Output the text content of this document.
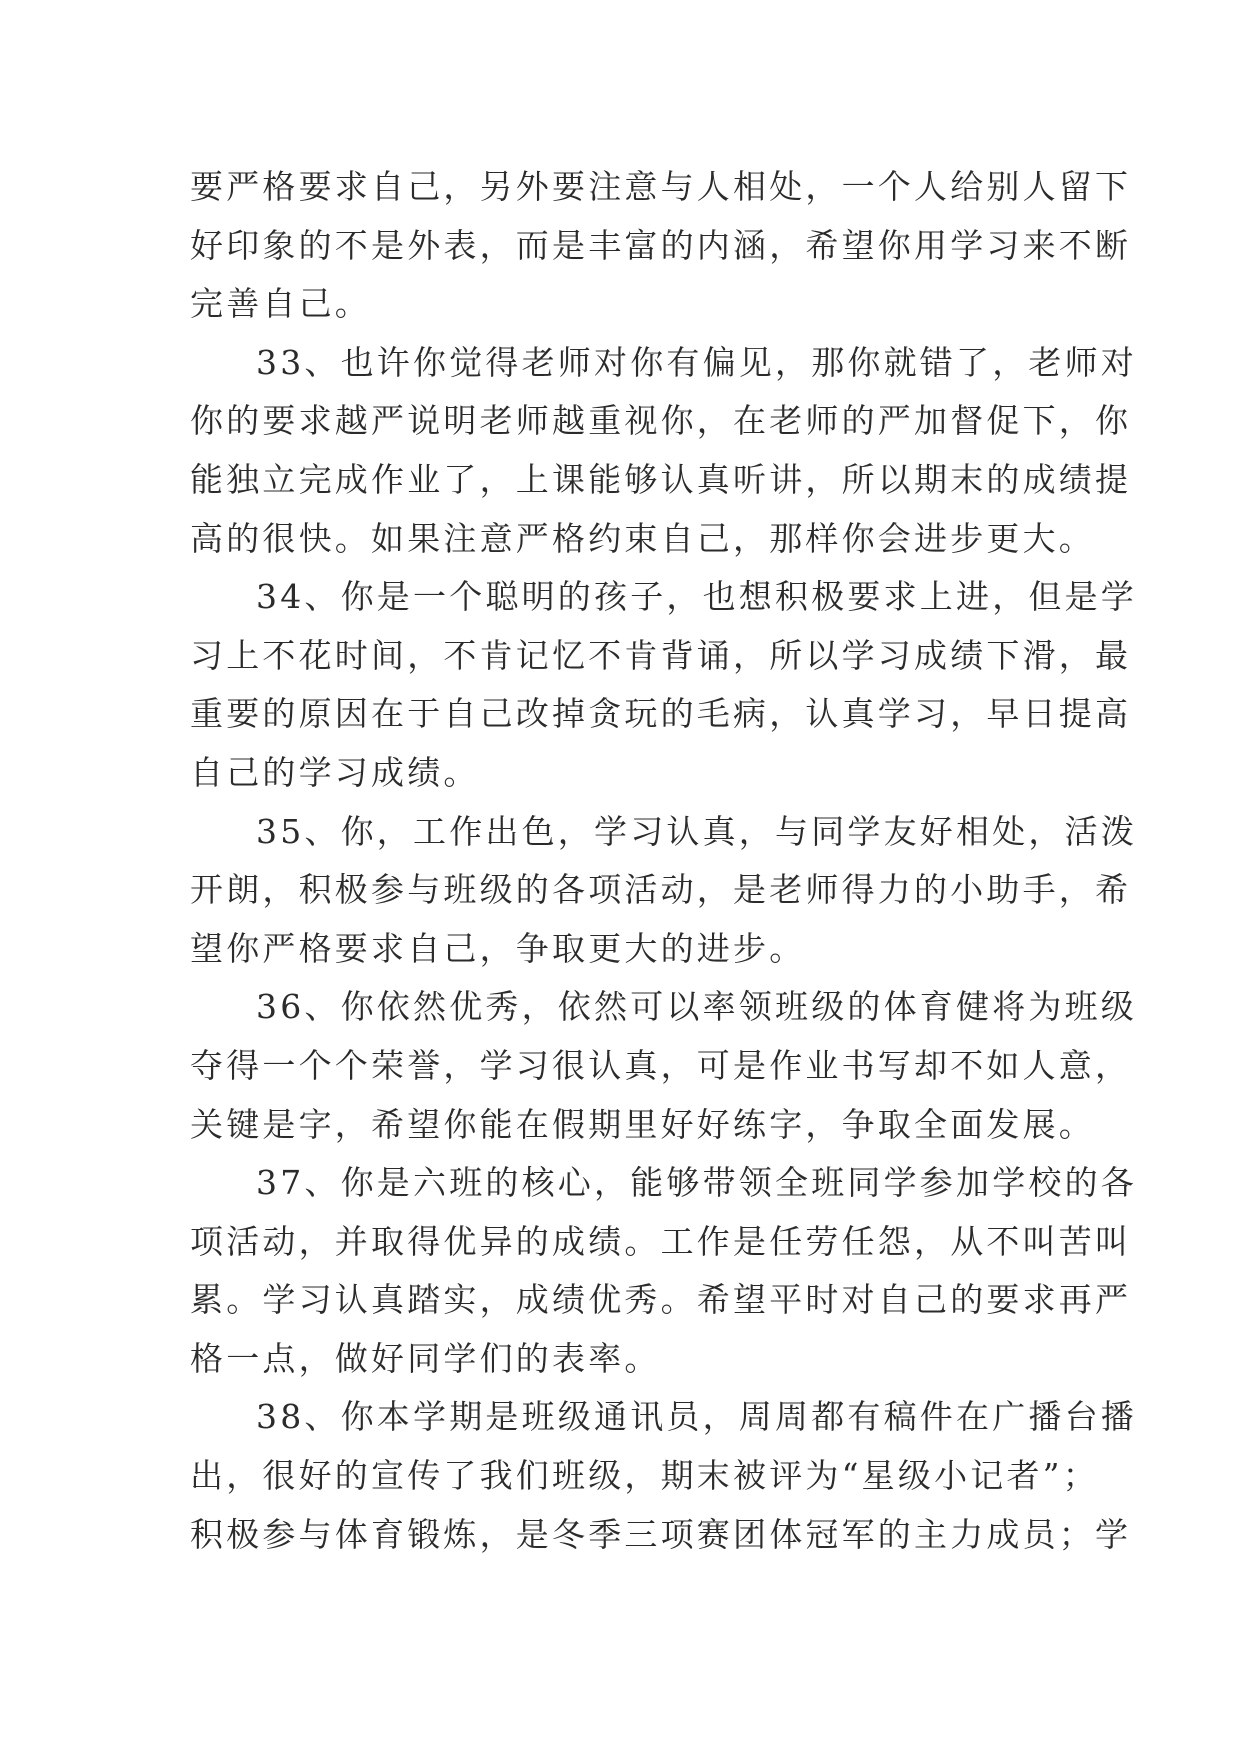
要严格要求自己，另外要注意与人相处，一个人给别人留下
好印象的不是外表，而是丰富的内涵，希望你用学习来不断
完善自己。

33、也许你觉得老师对你有偏见，那你就错了，老师对
你的要求越严说明老师越重视你，在老师的严加督促下，你
能独立完成作业了，上课能够认真听讲，所以期末的成绩提
高的很快。如果注意严格约束自己，那样你会进步更大。

34、你是一个聪明的孩子，也想积极要求上进，但是学
习上不花时间，不肯记忆不肯背诵，所以学习成绩下滑，最
重要的原因在于自己改掉贪玩的毛病，认真学习，早日提高
自己的学习成绩。

35、你，工作出色，学习认真，与同学友好相处，活泼
开朗，积极参与班级的各项活动，是老师得力的小助手，希
望你严格要求自己，争取更大的进步。

36、你依然优秀，依然可以率领班级的体育健将为班级
夺得一个个荣誉，学习很认真，可是作业书写却不如人意，
关键是字，希望你能在假期里好好练字，争取全面发展。

37、你是六班的核心，能够带领全班同学参加学校的各
项活动，并取得优异的成绩。工作是任劳任怨，从不叫苦叫
累。学习认真踏实，成绩优秀。希望平时对自己的要求再严
格一点，做好同学们的表率。

38、你本学期是班级通讯员，周周都有稿件在广播台播
出，很好的宣传了我们班级，期末被评为“星级小记者”；
积极参与体育锻炼，是冬季三项赛团体冠军的主力成员；学
